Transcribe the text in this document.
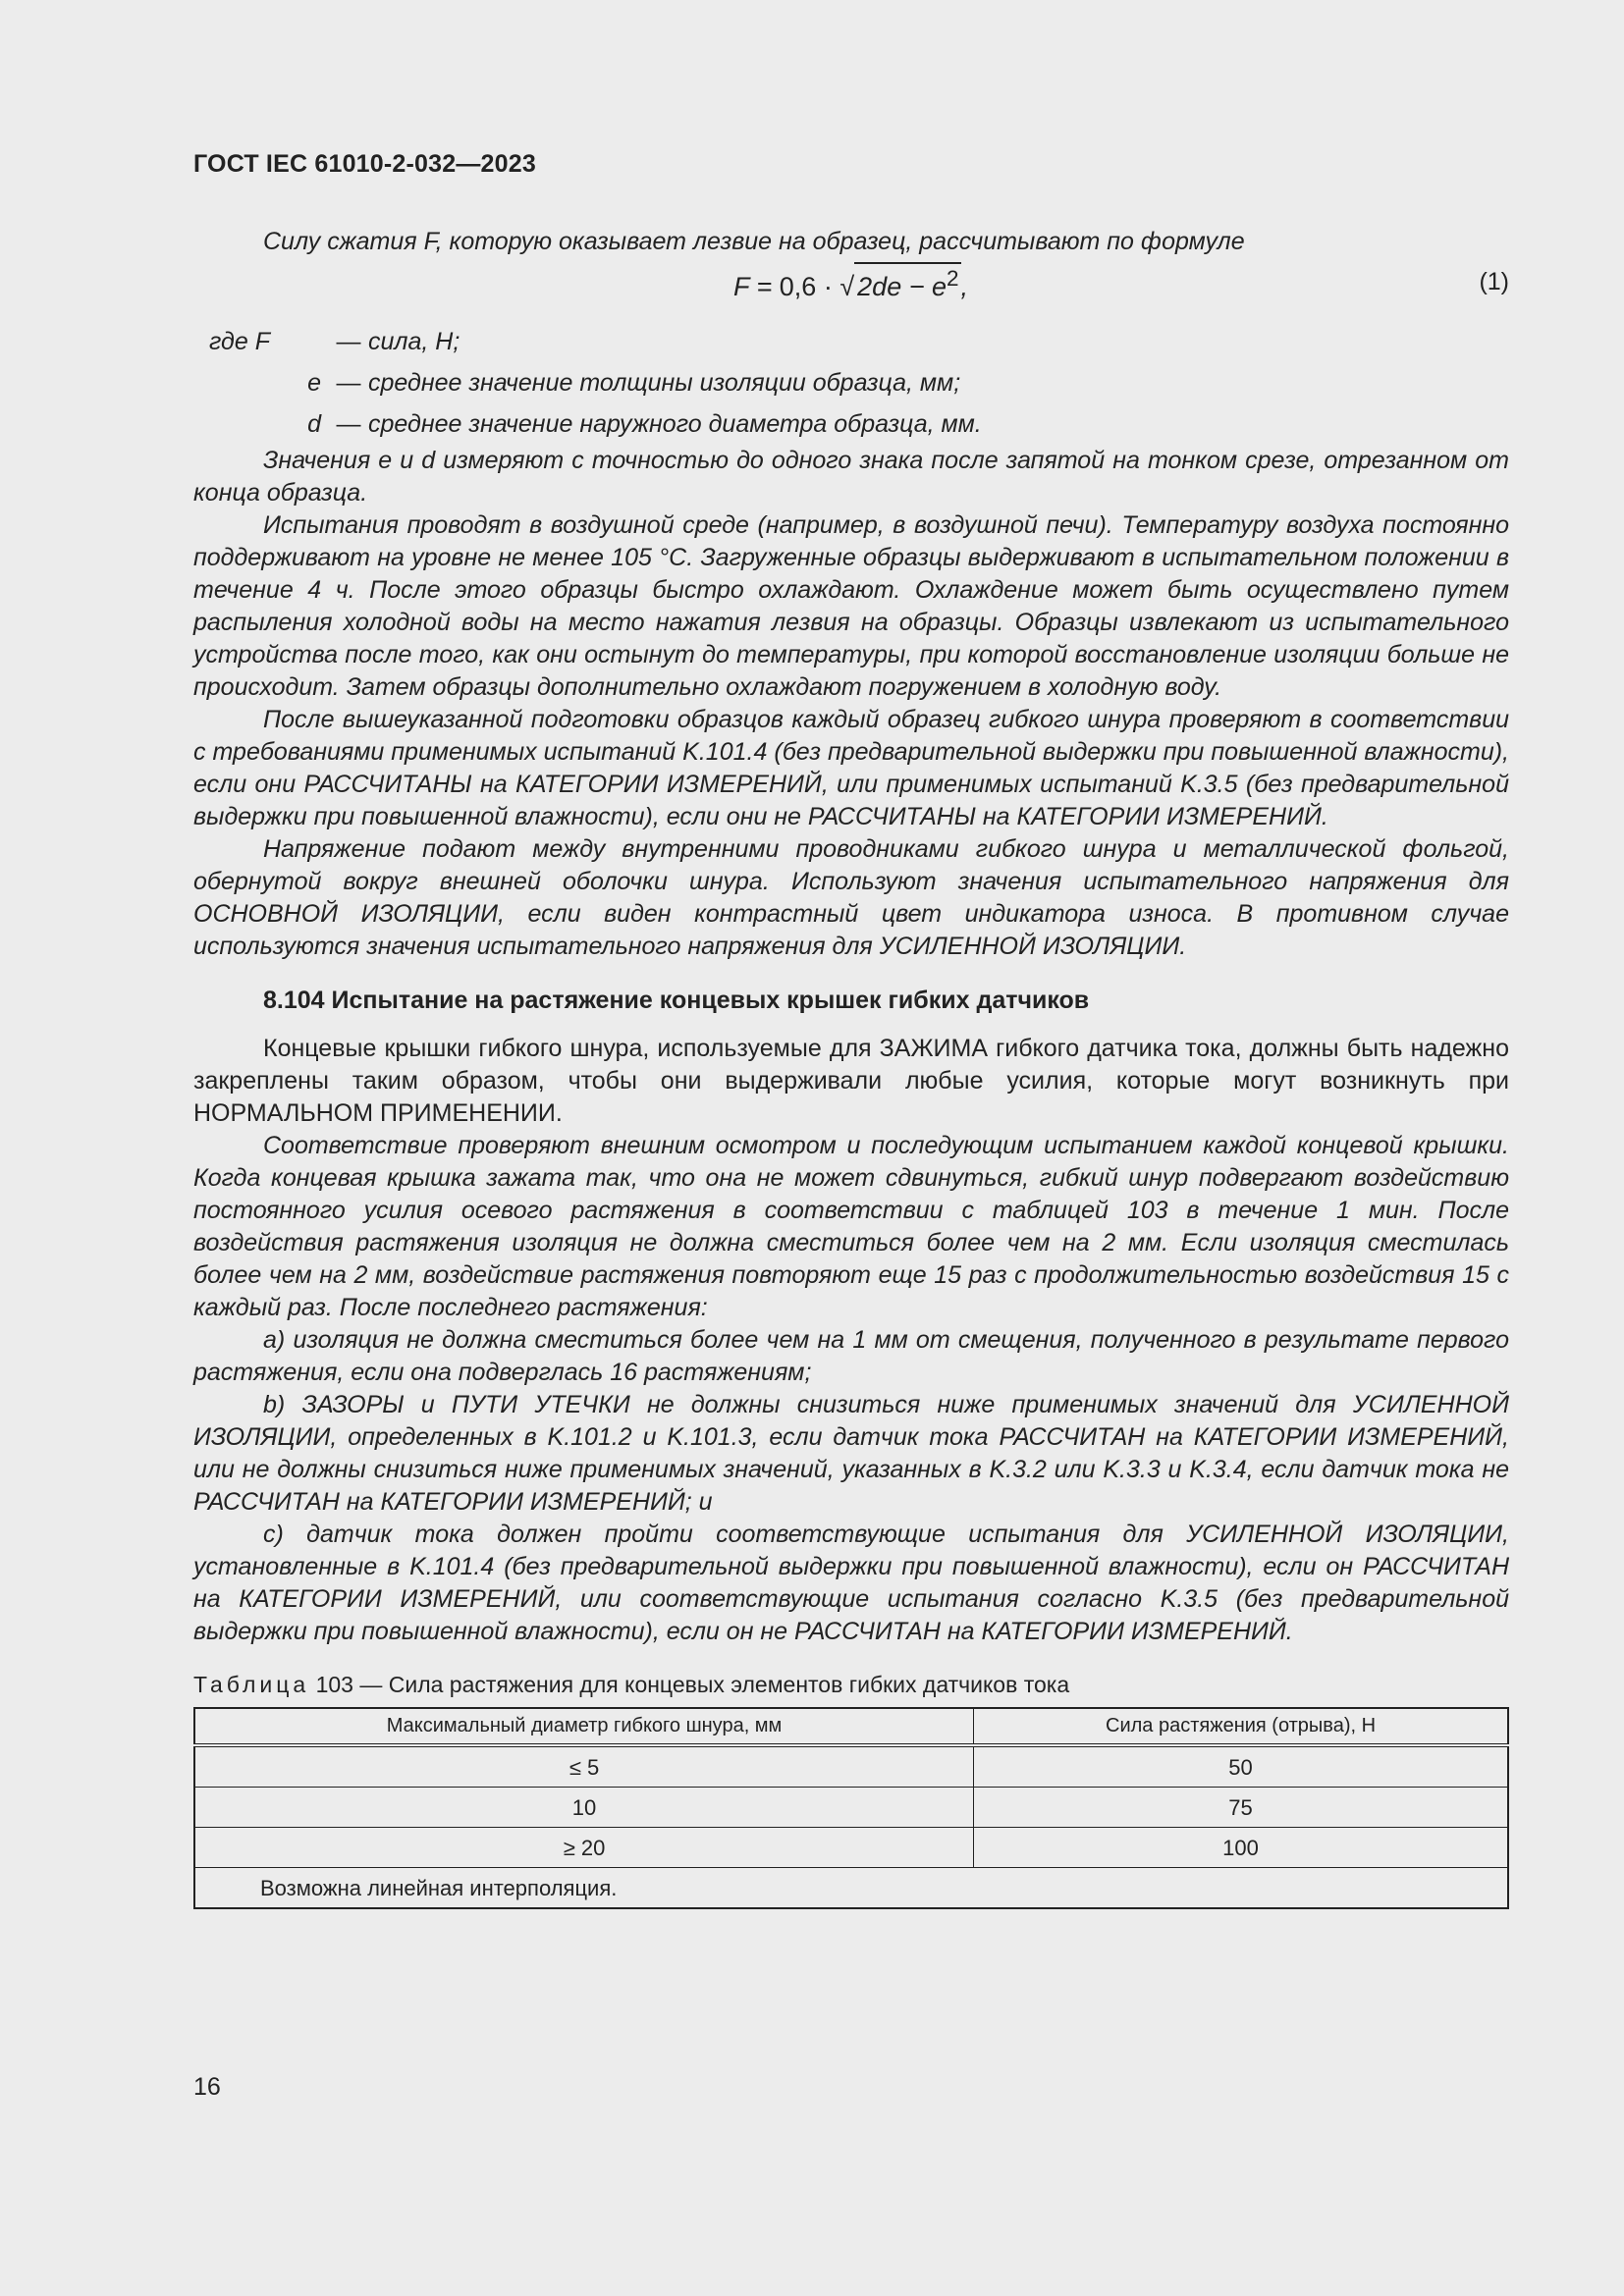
ГОСТ IEC 61010-2-032—2023

Силу сжатия F, которую оказывает лезвие на образец, рассчитывают по формуле

F = 0,6 · √ $2de - e^2$,	(1)
где F	— сила, Н;
e — среднее значение толщины изоляции образца, мм;
d — среднее значение наружного диаметра образца, мм.

Значения e и d измеряют с точностью до одного знака после запятой на тонком срезе, отрезанном от конца образца.

Испытания проводят в воздушной среде (например, в воздушной печи). Температуру воздуха постоянно поддерживают на уровне не менее 105 °С. Загруженные образцы выдерживают в испытательном положении в течение 4 ч. После этого образцы быстро охлаждают. Охлаждение может быть осуществлено путем распыления холодной воды на место нажатия лезвия на образцы. Образцы извлекают из испытательного устройства после того, как они остынут до температуры, при которой восстановление изоляции больше не происходит. Затем образцы дополнительно охлаждают погружением в холодную воду.

После вышеуказанной подготовки образцов каждый образец гибкого шнура проверяют в соответствии с требованиями применимых испытаний K.101.4 (без предварительной выдержки при повышенной влажности), если они РАССЧИТАНЫ на КАТЕГОРИИ ИЗМЕРЕНИЙ, или применимых испытаний K.3.5 (без предварительной выдержки при повышенной влажности), если они не РАССЧИТАНЫ на КАТЕГОРИИ ИЗМЕРЕНИЙ.

Напряжение подают между внутренними проводниками гибкого шнура и металлической фольгой, обернутой вокруг внешней оболочки шнура. Используют значения испытательного напряжения для ОСНОВНОЙ ИЗОЛЯЦИИ, если виден контрастный цвет индикатора износа. В противном случае используются значения испытательного напряжения для УСИЛЕННОЙ ИЗОЛЯЦИИ.

8.104 Испытание на растяжение концевых крышек гибких датчиков

Концевые крышки гибкого шнура, используемые для ЗАЖИМА гибкого датчика тока, должны быть надежно закреплены таким образом, чтобы они выдерживали любые усилия, которые могут возникнуть при НОРМАЛЬНОМ ПРИМЕНЕНИИ.

Соответствие проверяют внешним осмотром и последующим испытанием каждой концевой крышки. Когда концевая крышка зажата так, что она не может сдвинуться, гибкий шнур подвергают воздействию постоянного усилия осевого растяжения в соответствии с таблицей 103 в течение 1 мин. После воздействия растяжения изоляция не должна сместиться более чем на 2 мм. Если изоляция сместилась более чем на 2 мм, воздействие растяжения повторяют еще 15 раз с продолжительностью воздействия 15 с каждый раз. После последнего растяжения:

a) изоляция не должна сместиться более чем на 1 мм от смещения, полученного в результате первого растяжения, если она подверглась 16 растяжениям;

b) ЗАЗОРЫ и ПУТИ УТЕЧКИ не должны снизиться ниже применимых значений для УСИЛЕННОЙ ИЗОЛЯЦИИ, определенных в K.101.2 и K.101.3, если датчик тока РАССЧИТАН на КАТЕГОРИИ ИЗМЕРЕНИЙ, или не должны снизиться ниже применимых значений, указанных в K.3.2 или K.3.3 и K.3.4, если датчик тока не РАССЧИТАН на КАТЕГОРИИ ИЗМЕРЕНИЙ; и

c) датчик тока должен пройти соответствующие испытания для УСИЛЕННОЙ ИЗОЛЯЦИИ, установленные в K.101.4 (без предварительной выдержки при повышенной влажности), если он РАССЧИТАН на КАТЕГОРИИ ИЗМЕРЕНИЙ, или соответствующие испытания согласно K.3.5 (без предварительной выдержки при повышенной влажности), если он не РАССЧИТАН на КАТЕГОРИИ ИЗМЕРЕНИЙ.

Таблица 103 — Сила растяжения для концевых элементов гибких датчиков тока
Максимальный диаметр гибкого шнура, мм	Сила растяжения (отрыва), Н
≤ 5	50
10	75
≥ 20	100
Возможна линейная интерполяция.	
16
